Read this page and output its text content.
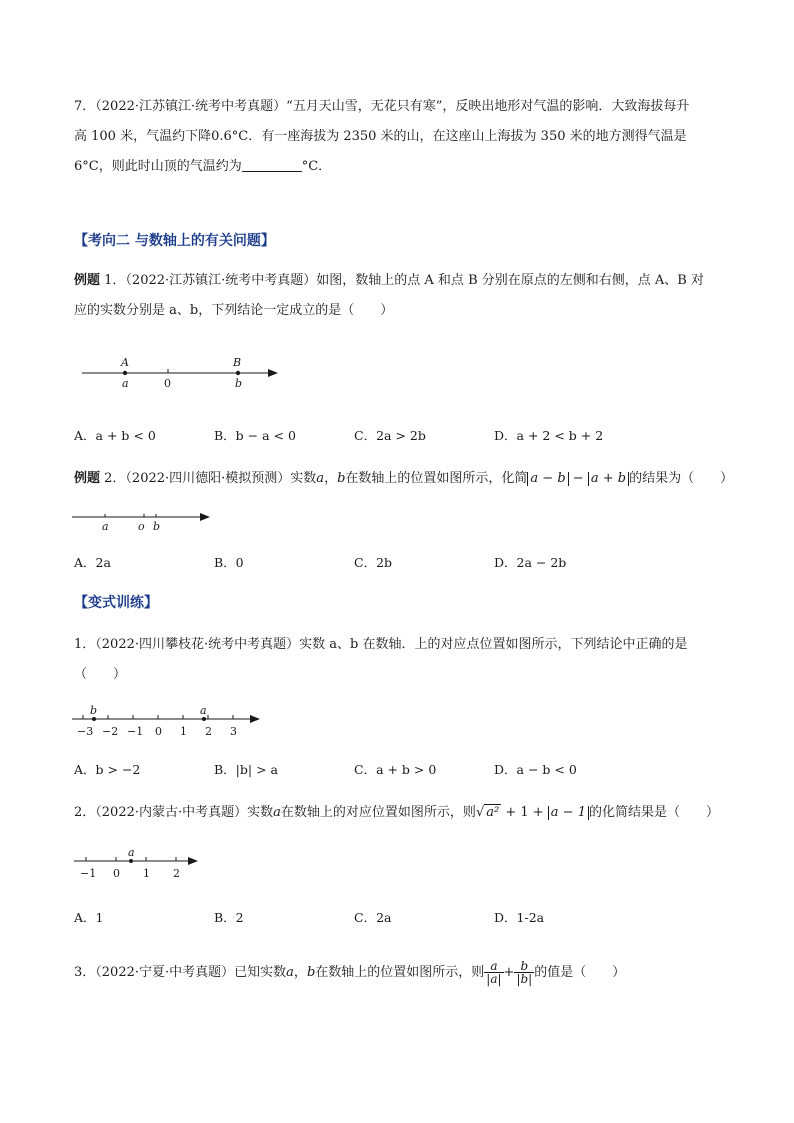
7．（2022·江苏镇江·统考中考真题）“五月天山雪，无花只有寒”，反映出地形对气温的影响．大致海拔每升
高 100 米，气温约下降0.6°C．有一座海拔为 2350 米的山，在这座山上海拔为 350 米的地方测得气温是
6°C，则此时山顶的气温约为	°C．
【考向二 与数轴上的有关问题】
例题 1．（2022·江苏镇江·统考中考真题）如图，数轴上的点 A 和点 B 分别在原点的左侧和右侧，点 A、B 对
应的实数分别是 a、b，下列结论一定成立的是（　　）
A	B
a	0	b
A．a + b < 0	B．b − a < 0	C．2a > 2b	D．a + 2 < b + 2
例题 2．（2022·四川德阳·模拟预测）实数a，b在数轴上的位置如图所示，化简 a − b − a + b 的结果为（　　）
a	o b
A．2a	B．0	C．2b	D．2a − 2b
【变式训练】
1．（2022·四川攀枝花·统考中考真题）实数 a、b 在数轴．上的对应点位置如图所示，下列结论中正确的是
（　　）
−3 −2 −1 0 1 2 3
b	a
A．b > −2	B．|b| > a	C．a + b > 0	D．a − b < 0
2．（2022·内蒙古·中考真题）实数a在数轴上的对应位置如图所示，则√ a² + 1 + a − 1 的化简结果是（　　）
−1 0 1 2
a
A．1	B．2	C．2a	D．1-2a
3．（2022·宁夏·中考真题）已知实数a，b在数轴上的位置如图所示，则 $\frac{a}{|a|} + \frac{b}{|b|}$ 的值是（　　）
